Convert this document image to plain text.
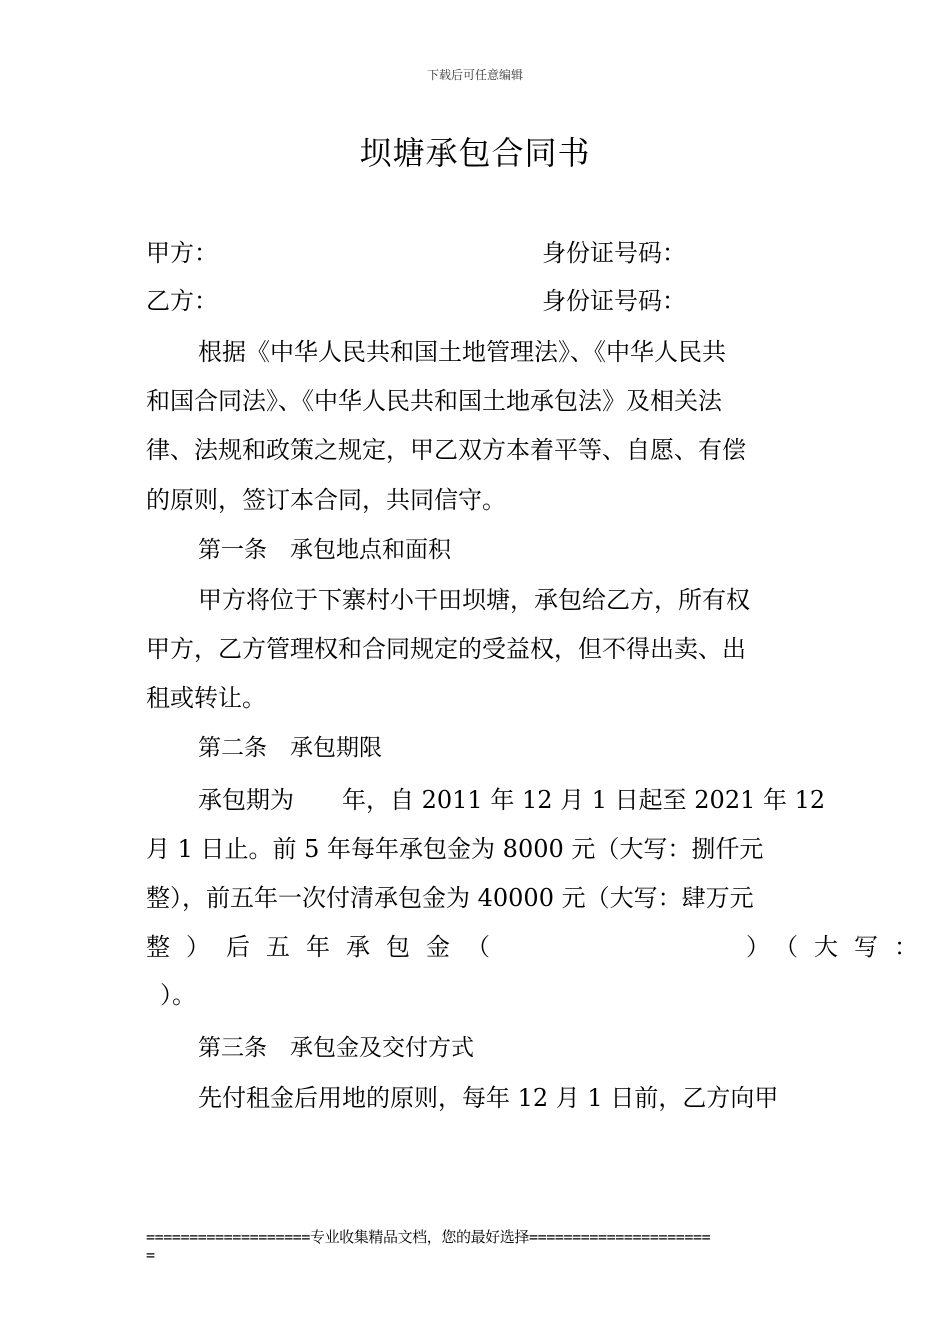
下载后可任意编辑
坝塘承包合同书
甲方：	身份证号码：
乙方：	身份证号码：
根据《中华人民共和国土地管理法》、《中华人民共
和国合同法》、《中华人民共和国土地承包法》及相关法
律、法规和政策之规定，甲乙双方本着平等、自愿、有偿
的原则，签订本合同，共同信守。
第一条　承包地点和面积
甲方将位于下寨村小干田坝塘，承包给乙方，所有权
甲方，乙方管理权和合同规定的受益权，但不得出卖、出
租或转让。
第二条　承包期限
承包期为　　年，自 2011 年 12 月 1 日起至 2021 年 12
月 1 日止。前 5 年每年承包金为 8000 元（大写：捌仟元
整），前五年一次付清承包金为 40000 元（大写：肆万元
整）后五年承包金（　　　　　　）（大写：
）。
第三条　承包金及交付方式
先付租金后用地的原则，每年 12 月 1 日前，乙方向甲
===================专业收集精品文档，您的最好选择=====================
=
